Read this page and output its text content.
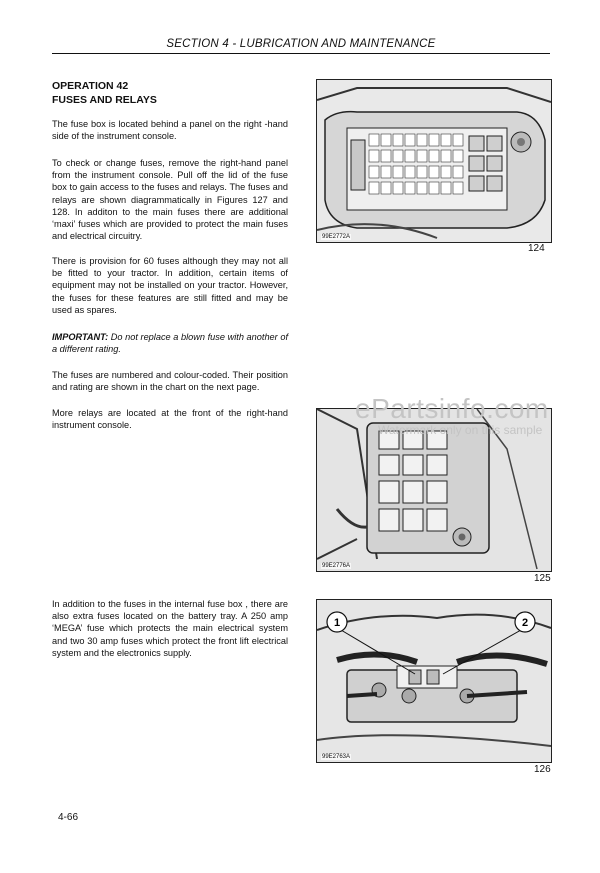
SECTION 4 - LUBRICATION AND MAINTENANCE
OPERATION 42
FUSES AND RELAYS

The fuse box is located behind a panel on the right -hand side of the instrument console.

To check or change fuses, remove the right-hand panel from the instrument console. Pull off the lid of the fuse box to gain access to the fuses and relays. The fuses and relays are shown diagrammatically in Figures 127 and 128. In additon to the main fuses there are additional ‘maxi’ fuses which are provided to protect the main fuses and electrical circuitry.

There is provision for 60 fuses although they may not all be fitted to your tractor. In addition, certain items of equipment may not be installed on your tractor. However, the fuses for these features are still fitted and may be used as spares.

IMPORTANT: Do not replace a blown fuse with another of a different rating.

The fuses are numbered and colour-coded. Their position and rating are shown in the chart on the next page.

More relays are located at the front of the right-hand instrument console.

In addition to the fuses in the internal fuse box , there are also extra fuses located on the battery tray. A 250 amp ‘MEGA’ fuse which protects the main electrical system and two 30 amp fuses which protect the front lift electrical system and the electronics supply.

99E2772A
124
99E2776A
125
1	2
99E2763A
126
ePartsinfo.com
Watermark only on this sample
4-66
